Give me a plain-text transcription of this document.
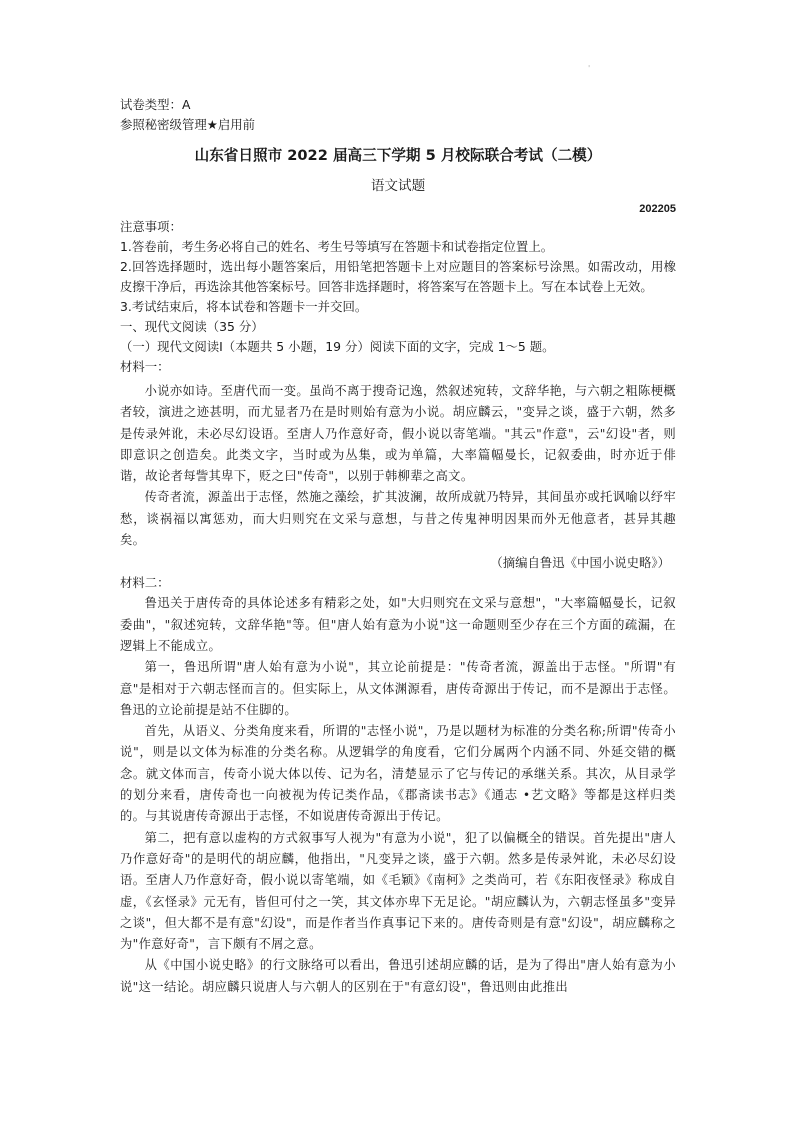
'

试卷类型：A

参照秘密级管理★启用前

山东省日照市 2022 届高三下学期 5 月校际联合考试（二模）
语文试题
202205

注意事项：

1.答卷前，考生务必将自己的姓名、考生号等填写在答题卡和试卷指定位置上。

2.回答选择题时，选出每小题答案后，用铅笔把答题卡上对应题目的答案标号涂黑。如需改动，用橡皮擦干净后，再选涂其他答案标号。回答非选择题时，将答案写在答题卡上。写在本试卷上无效。

3.考试结束后，将本试卷和答题卡一并交回。

一、现代文阅读（35 分）

（一）现代文阅读Ⅰ（本题共 5 小题，19 分）阅读下面的文字，完成 1～5 题。

材料一：

小说亦如诗。至唐代而一变。虽尚不离于搜奇记逸，然叙述宛转，文辞华艳，与六朝之粗陈梗概者较，演进之迹甚明，而尤显者乃在是时则始有意为小说。胡应麟云，"变异之谈，盛于六朝，然多是传录舛讹，未必尽幻设语。至唐人乃作意好奇，假小说以寄笔端。"其云"作意"，云"幻设"者，则即意识之创造矣。此类文字，当时或为丛集，或为单篇，大率篇幅曼长，记叙委曲，时亦近于俳谐，故论者每訾其卑下，贬之曰"传奇"，以别于韩柳辈之高文。

传奇者流，源盖出于志怪，然施之藻绘，扩其波澜，故所成就乃特异，其间虽亦或托讽喻以纾牢愁，谈祸福以寓惩劝，而大归则究在文采与意想，与昔之传鬼神明因果而外无他意者，甚异其趣矣。

（摘编自鲁迅《中国小说史略》）

材料二：

鲁迅关于唐传奇的具体论述多有精彩之处，如"大归则究在文采与意想"，"大率篇幅曼长，记叙委曲"，"叙述宛转，文辞华艳"等。但"唐人始有意为小说"这一命题则至少存在三个方面的疏漏，在逻辑上不能成立。

第一，鲁迅所谓"唐人始有意为小说"，其立论前提是："传奇者流，源盖出于志怪。"所谓"有意"是相对于六朝志怪而言的。但实际上，从文体渊源看，唐传奇源出于传记，而不是源出于志怪。鲁迅的立论前提是站不住脚的。

首先，从语义、分类角度来看，所谓的"志怪小说"，乃是以题材为标准的分类名称;所谓"传奇小说"，则是以文体为标准的分类名称。从逻辑学的角度看，它们分属两个内涵不同、外延交错的概念。就文体而言，传奇小说大体以传、记为名，清楚显示了它与传记的承继关系。其次，从目录学的划分来看，唐传奇也一向被视为传记类作品，《郡斋读书志》《通志 •艺文略》等都是这样归类的。与其说唐传奇源出于志怪，不如说唐传奇源出于传记。

第二，把有意以虚构的方式叙事写人视为"有意为小说"，犯了以偏概全的错误。首先提出"唐人乃作意好奇"的是明代的胡应麟，他指出，"凡变异之谈，盛于六朝。然多是传录舛讹，未必尽幻设语。至唐人乃作意好奇，假小说以寄笔端，如《毛颖》《南柯》之类尚可，若《东阳夜怪录》称成自虚，《玄怪录》元无有，皆但可付之一笑，其文体亦卑下无足论。"胡应麟认为，六朝志怪虽多"变异之谈"，但大都不是有意"幻设"，而是作者当作真事记下来的。唐传奇则是有意"幻设"，胡应麟称之为"作意好奇"，言下颇有不屑之意。

从《中国小说史略》的行文脉络可以看出，鲁迅引述胡应麟的话，是为了得出"唐人始有意为小说"这一结论。胡应麟只说唐人与六朝人的区别在于"有意幻设"，鲁迅则由此推出
